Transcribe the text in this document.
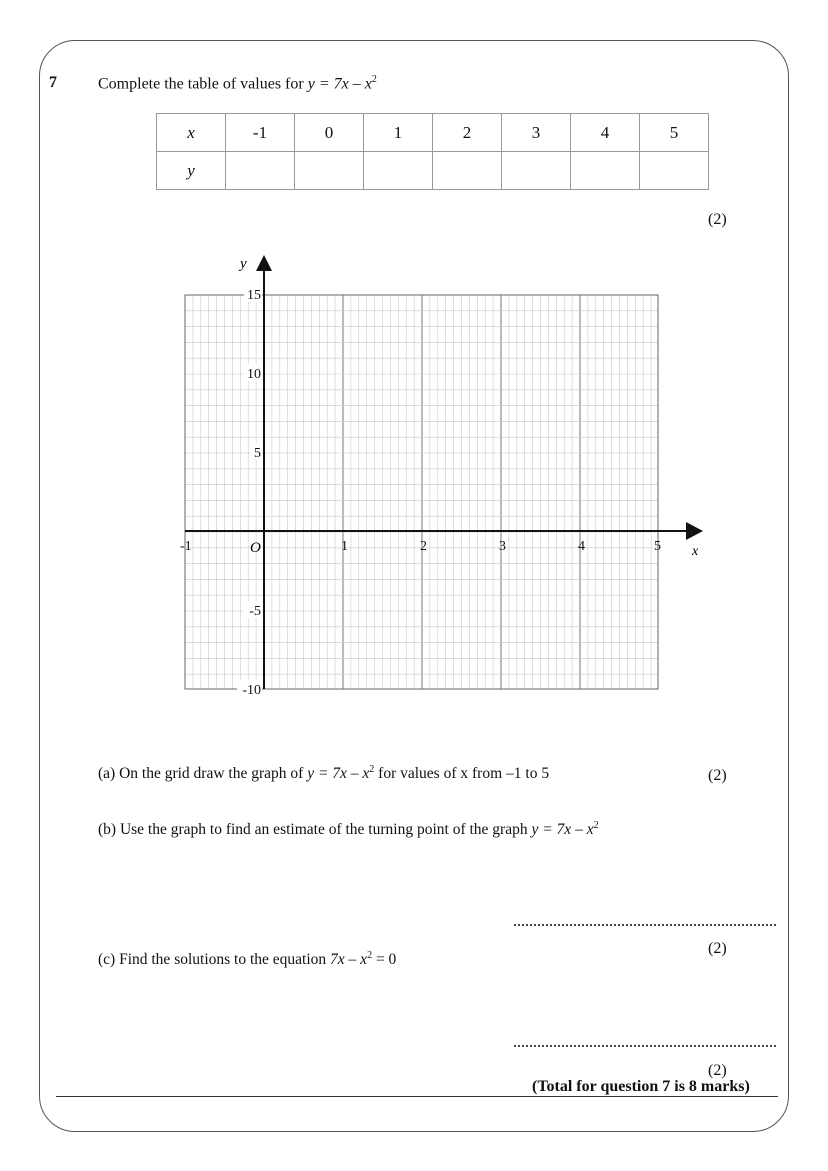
7	Complete the table of values for $y = 7x - x^2$
x	-1	0	1	2	3	4	5
y							
(2)
x
y
-1	1	2	3	4	5
O
15
10
5
-5
-10
(a) On the grid draw the graph of $y = 7x - x^2$ for values of x from –1 to 5	(2)
(b) Use the graph to find an estimate of the turning point of the graph $y = 7x - x^2$
(2)
(c) Find the solutions to the equation $7x - x^2 = 0$
(2)
(Total for question 7 is 8 marks)
